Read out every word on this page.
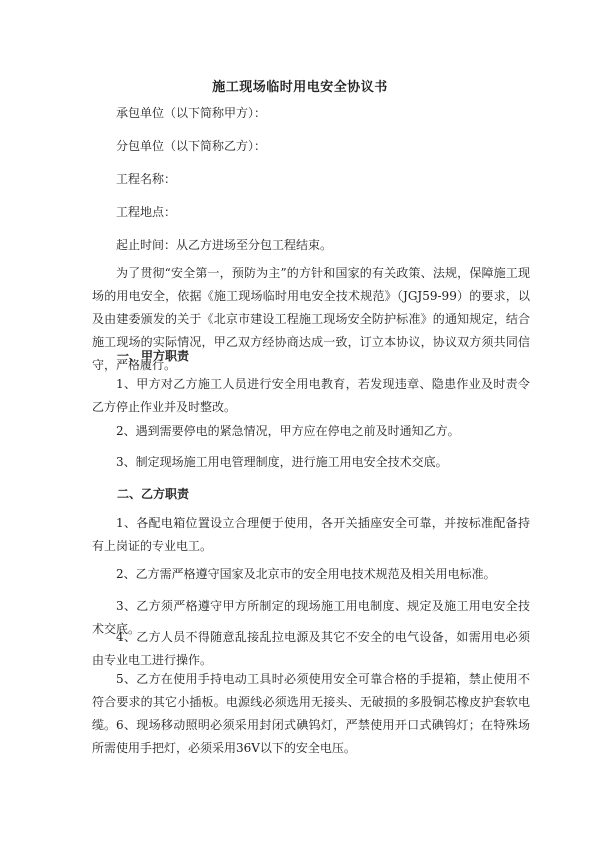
施工现场临时用电安全协议书
承包单位（以下简称甲方）：
分包单位（以下简称乙方）：
工程名称：
工程地点：
起止时间：从乙方进场至分包工程结束。
为了贯彻“安全第一，预防为主”的方针和国家的有关政策、法规，保障施工现场的用电安全，依据《施工现场临时用电安全技术规范》（JGJ59-99）的要求，以及由建委颁发的关于《北京市建设工程施工现场安全防护标准》的通知规定，结合施工现场的实际情况，甲乙双方经协商达成一致，订立本协议，协议双方须共同信守，严格履行。
一、甲方职责
1、甲方对乙方施工人员进行安全用电教育，若发现违章、隐患作业及时责令乙方停止作业并及时整改。
2、遇到需要停电的紧急情况，甲方应在停电之前及时通知乙方。
3、制定现场施工用电管理制度，进行施工用电安全技术交底。
二、乙方职责
1、各配电箱位置设立合理便于使用，各开关插座安全可靠，并按标准配备持有上岗证的专业电工。
2、乙方需严格遵守国家及北京市的安全用电技术规范及相关用电标准。
3、乙方须严格遵守甲方所制定的现场施工用电制度、规定及施工用电安全技术交底。
4、乙方人员不得随意乱接乱拉电源及其它不安全的电气设备，如需用电必须由专业电工进行操作。
5、乙方在使用手持电动工具时必须使用安全可靠合格的手提箱，禁止使用不符合要求的其它小插板。电源线必须选用无接头、无破损的多股铜芯橡皮护套软电缆。 6、现场移动照明必须采用封闭式碘钨灯，严禁使用开口式碘钨灯；在特殊场所需使用手把灯，必须采用36V以下的安全电压。
